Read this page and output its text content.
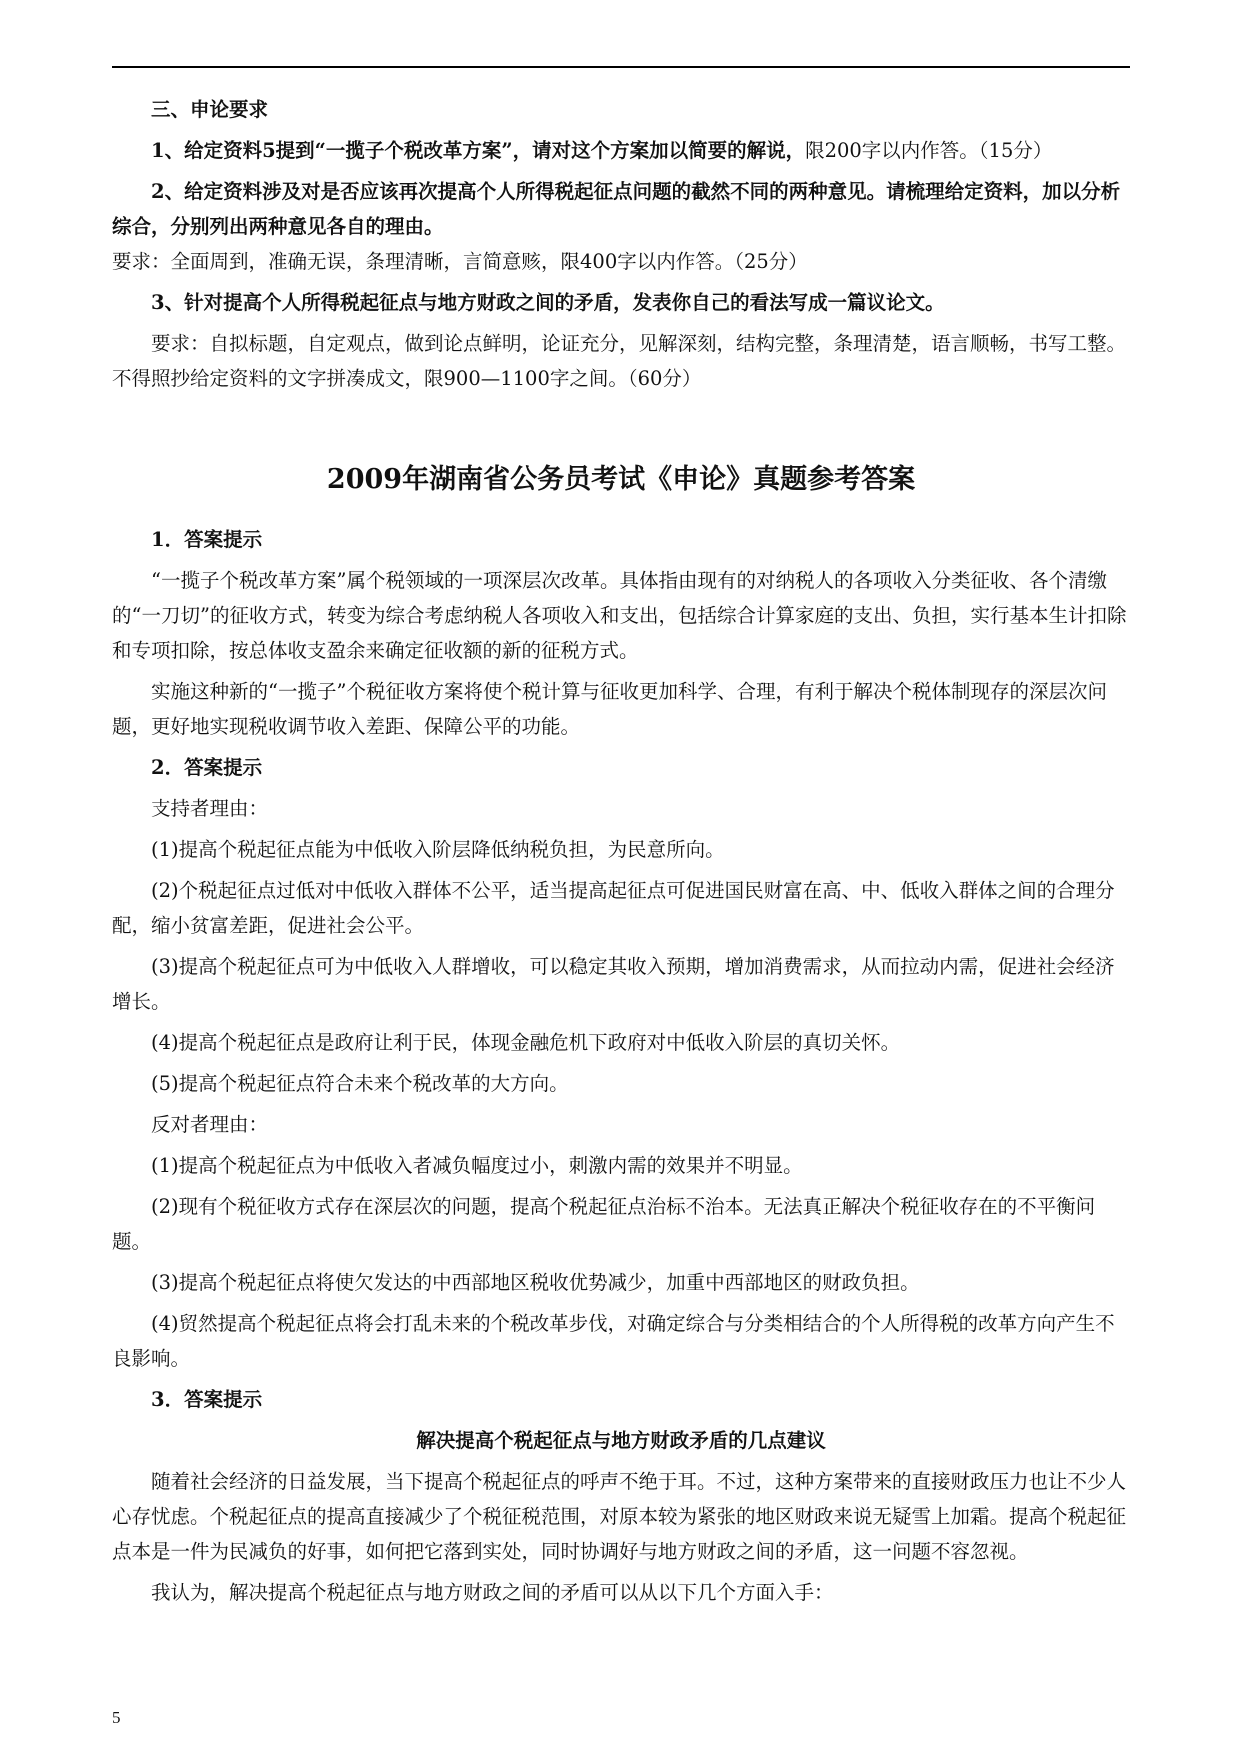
三、申论要求

1、给定资料5提到“一揽子个税改革方案”，请对这个方案加以简要的解说，限200字以内作答。（15分）

2、给定资料涉及对是否应该再次提高个人所得税起征点问题的截然不同的两种意见。请梳理给定资料，加以分析综合，分别列出两种意见各自的理由。

要求：全面周到，准确无误，条理清晰，言简意赅，限400字以内作答。（25分）

3、针对提高个人所得税起征点与地方财政之间的矛盾，发表你自己的看法写成一篇议论文。

要求：自拟标题，自定观点，做到论点鲜明，论证充分，见解深刻，结构完整，条理清楚，语言顺畅，书写工整。不得照抄给定资料的文字拼凑成文，限900—1100字之间。（60分）

2009年湖南省公务员考试《申论》真题参考答案

1．答案提示

“一揽子个税改革方案”属个税领域的一项深层次改革。具体指由现有的对纳税人的各项收入分类征收、各个清缴的“一刀切”的征收方式，转变为综合考虑纳税人各项收入和支出，包括综合计算家庭的支出、负担，实行基本生计扣除和专项扣除，按总体收支盈余来确定征收额的新的征税方式。

实施这种新的“一揽子”个税征收方案将使个税计算与征收更加科学、合理，有利于解决个税体制现存的深层次问题，更好地实现税收调节收入差距、保障公平的功能。

2．答案提示

支持者理由：

(1)提高个税起征点能为中低收入阶层降低纳税负担，为民意所向。

(2)个税起征点过低对中低收入群体不公平，适当提高起征点可促进国民财富在高、中、低收入群体之间的合理分配，缩小贫富差距，促进社会公平。

(3)提高个税起征点可为中低收入人群增收，可以稳定其收入预期，增加消费需求，从而拉动内需，促进社会经济增长。

(4)提高个税起征点是政府让利于民，体现金融危机下政府对中低收入阶层的真切关怀。

(5)提高个税起征点符合未来个税改革的大方向。

反对者理由：

(1)提高个税起征点为中低收入者减负幅度过小，刺激内需的效果并不明显。

(2)现有个税征收方式存在深层次的问题，提高个税起征点治标不治本。无法真正解决个税征收存在的不平衡问题。

(3)提高个税起征点将使欠发达的中西部地区税收优势减少，加重中西部地区的财政负担。

(4)贸然提高个税起征点将会打乱未来的个税改革步伐，对确定综合与分类相结合的个人所得税的改革方向产生不良影响。

3．答案提示

解决提高个税起征点与地方财政矛盾的几点建议

随着社会经济的日益发展，当下提高个税起征点的呼声不绝于耳。不过，这种方案带来的直接财政压力也让不少人心存忧虑。个税起征点的提高直接减少了个税征税范围，对原本较为紧张的地区财政来说无疑雪上加霜。提高个税起征点本是一件为民减负的好事，如何把它落到实处，同时协调好与地方财政之间的矛盾，这一问题不容忽视。

我认为，解决提高个税起征点与地方财政之间的矛盾可以从以下几个方面入手：

5
